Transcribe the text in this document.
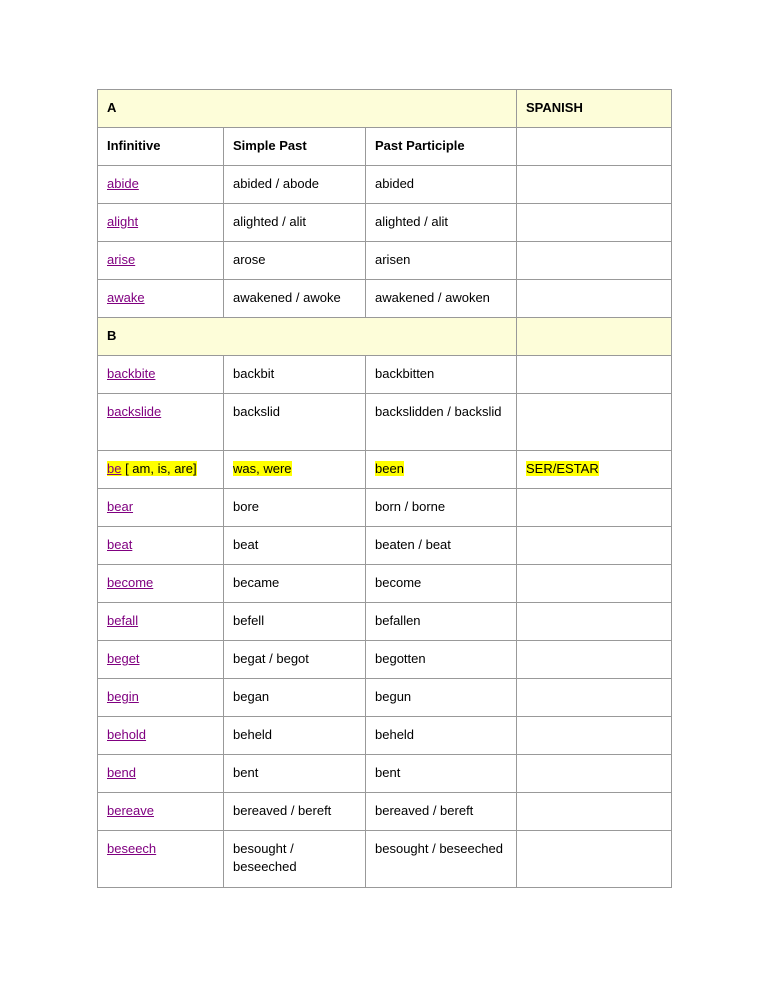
A			SPANISH
Infinitive	Simple Past	Past Participle	
abide	abided / abode	abided	
alight	alighted / alit	alighted / alit	
arise	arose	arisen	
awake	awakened / awoke	awakened / awoken	
B			
backbite	backbit	backbitten	
backslide	backslid	backslidden / backslid	
be [ am, is, are]	was, were	been	SER/ESTAR
bear	bore	born / borne	
beat	beat	beaten / beat	
become	became	become	
befall	befell	befallen	
beget	begat / begot	begotten	
begin	began	begun	
behold	beheld	beheld	
bend	bent	bent	
bereave	bereaved / bereft	bereaved / bereft	
beseech	besought / beseeched	besought / beseeched	
